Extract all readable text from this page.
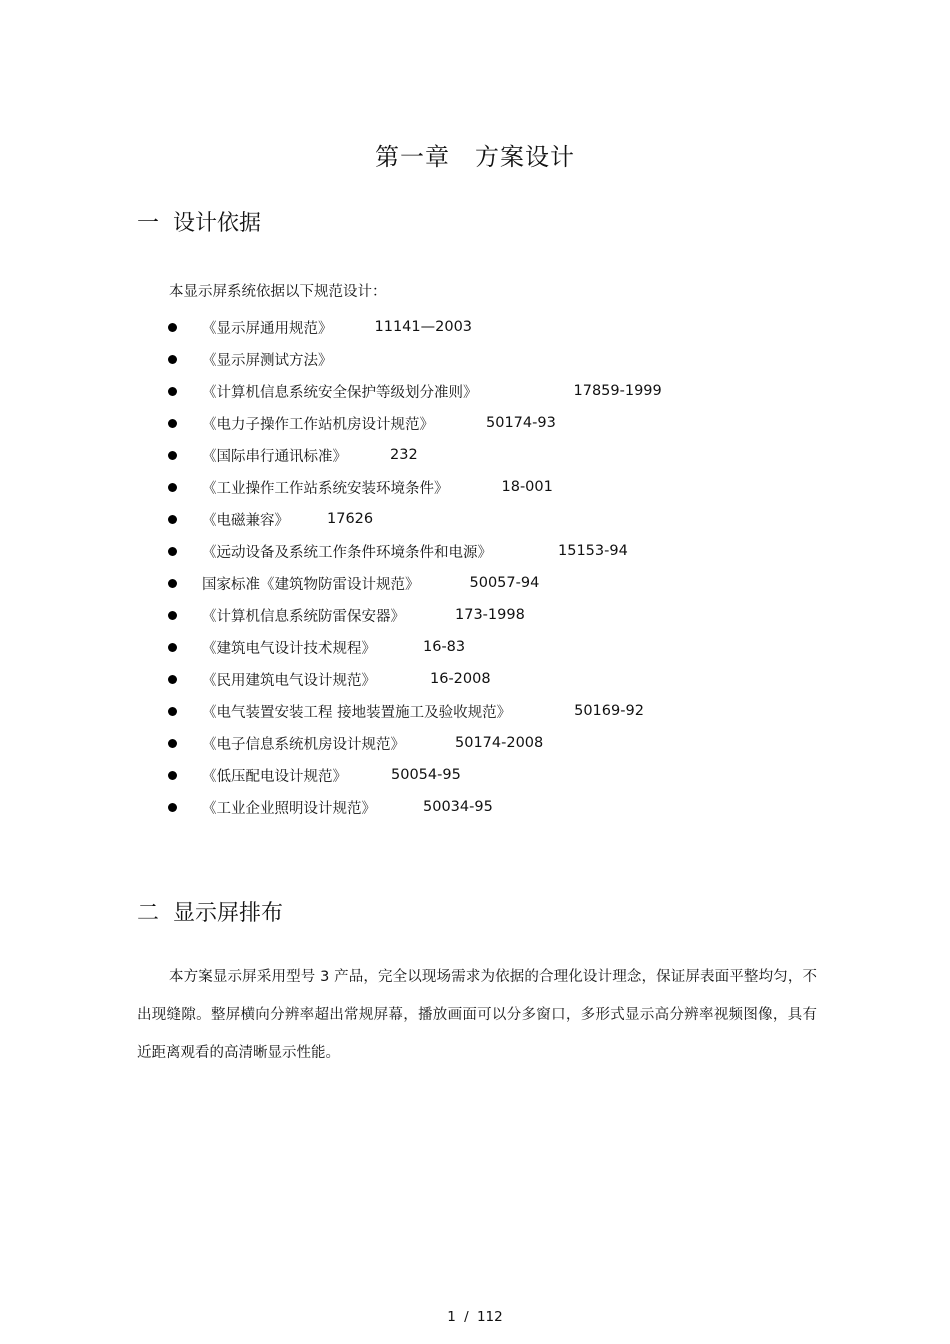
第一章　方案设计
一 设计依据
本显示屏系统依据以下规范设计：
《显示屏通用规范》	11141—2003
《显示屏测试方法》
《计算机信息系统安全保护等级划分准则》	17859-1999
《电力子操作工作站机房设计规范》	50174-93
《国际串行通讯标准》	232
《工业操作工作站系统安装环境条件》	18-001
《电磁兼容》	17626
《远动设备及系统工作条件环境条件和电源》	15153-94
国家标准《建筑物防雷设计规范》	50057-94
《计算机信息系统防雷保安器》	173-1998
《建筑电气设计技术规程》	16-83
《民用建筑电气设计规范》	16-2008
《电气装置安装工程 接地装置施工及验收规范》	50169-92
《电子信息系统机房设计规范》	50174-2008
《低压配电设计规范》	50054-95
《工业企业照明设计规范》	50034-95
二 显示屏排布

本方案显示屏采用型号 3 产品，完全以现场需求为依据的合理化设计理念，保证屏表面平整均匀，不出现缝隙。整屏横向分辨率超出常规屏幕，播放画面可以分多窗口，多形式显示高分辨率视频图像，具有近距离观看的高清晰显示性能。

1 / 112
